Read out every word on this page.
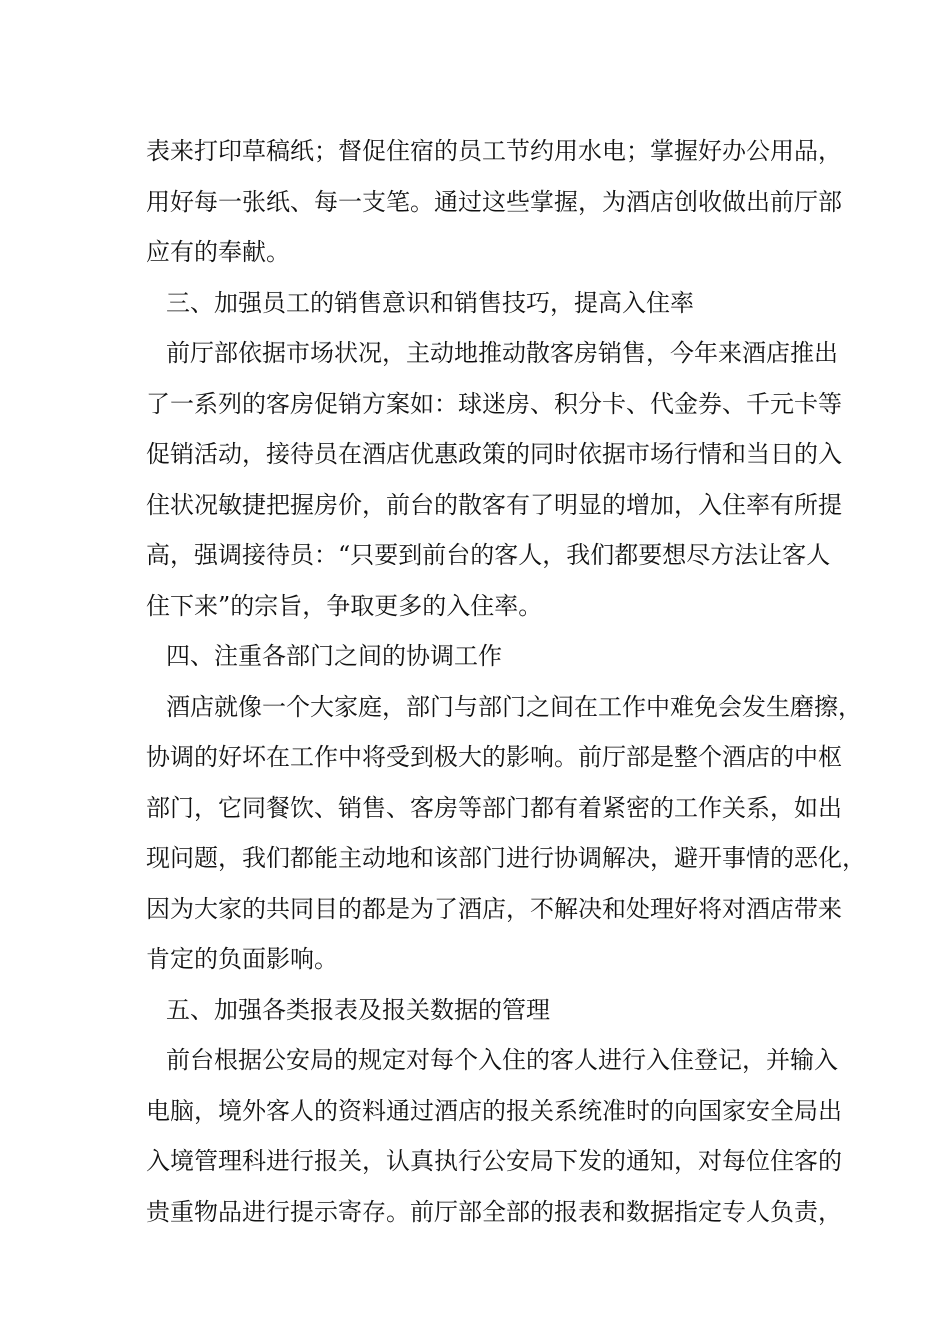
表来打印草稿纸；督促住宿的员工节约用水电；掌握好办公用品，
用好每一张纸、每一支笔。通过这些掌握，为酒店创收做出前厅部
应有的奉献。
三、加强员工的销售意识和销售技巧，提高入住率
前厅部依据市场状况，主动地推动散客房销售，今年来酒店推出
了一系列的客房促销方案如：球迷房、积分卡、代金券、千元卡等
促销活动，接待员在酒店优惠政策的同时依据市场行情和当日的入
住状况敏捷把握房价，前台的散客有了明显的增加，入住率有所提
高，强调接待员：“只要到前台的客人，我们都要想尽方法让客人
住下来”的宗旨，争取更多的入住率。
四、注重各部门之间的协调工作
酒店就像一个大家庭，部门与部门之间在工作中难免会发生磨擦，
协调的好坏在工作中将受到极大的影响。前厅部是整个酒店的中枢
部门，它同餐饮、销售、客房等部门都有着紧密的工作关系，如出
现问题，我们都能主动地和该部门进行协调解决，避开事情的恶化，
因为大家的共同目的都是为了酒店，不解决和处理好将对酒店带来
肯定的负面影响。
五、加强各类报表及报关数据的管理
前台根据公安局的规定对每个入住的客人进行入住登记，并输入
电脑，境外客人的资料通过酒店的报关系统准时的向国家安全局出
入境管理科进行报关，认真执行公安局下发的通知，对每位住客的
贵重物品进行提示寄存。前厅部全部的报表和数据指定专人负责，
